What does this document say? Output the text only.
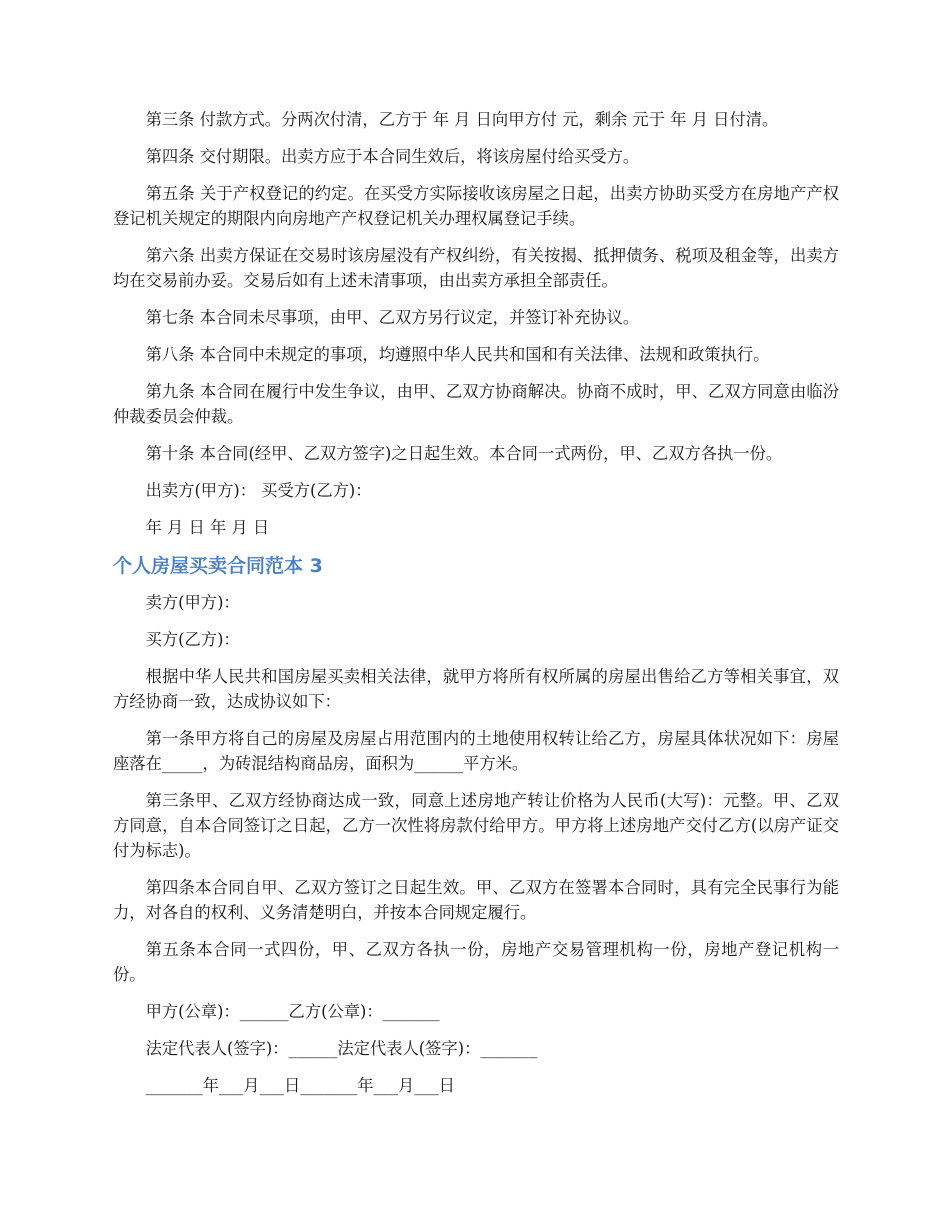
第三条 付款方式。分两次付清，乙方于 年 月 日向甲方付 元，剩余 元于 年 月 日付清。

第四条 交付期限。出卖方应于本合同生效后，将该房屋付给买受方。

第五条 关于产权登记的约定。在买受方实际接收该房屋之日起，出卖方协助买受方在房地产产权登记机关规定的期限内向房地产产权登记机关办理权属登记手续。

第六条 出卖方保证在交易时该房屋没有产权纠纷，有关按揭、抵押债务、税项及租金等，出卖方均在交易前办妥。交易后如有上述未清事项，由出卖方承担全部责任。

第七条 本合同未尽事项，由甲、乙双方另行议定，并签订补充协议。

第八条 本合同中未规定的事项，均遵照中华人民共和国和有关法律、法规和政策执行。

第九条 本合同在履行中发生争议，由甲、乙双方协商解决。协商不成时，甲、乙双方同意由临汾仲裁委员会仲裁。

第十条 本合同(经甲、乙双方签字)之日起生效。本合同一式两份，甲、乙双方各执一份。

出卖方(甲方)： 买受方(乙方)：

年 月 日 年 月 日

个人房屋买卖合同范本 3

卖方(甲方)：

买方(乙方)：

根据中华人民共和国房屋买卖相关法律，就甲方将所有权所属的房屋出售给乙方等相关事宜，双方经协商一致，达成协议如下：

第一条甲方将自己的房屋及房屋占用范围内的土地使用权转让给乙方，房屋具体状况如下：房屋座落在_____，为砖混结构商品房，面积为______平方米。

第三条甲、乙双方经协商达成一致，同意上述房地产转让价格为人民币(大写)：元整。甲、乙双方同意，自本合同签订之日起，乙方一次性将房款付给甲方。甲方将上述房地产交付乙方(以房产证交付为标志)。

第四条本合同自甲、乙双方签订之日起生效。甲、乙双方在签署本合同时，具有完全民事行为能力，对各自的权利、义务清楚明白，并按本合同规定履行。

第五条本合同一式四份，甲、乙双方各执一份，房地产交易管理机构一份，房地产登记机构一份。

甲方(公章)：______乙方(公章)：_______

法定代表人(签字)：______法定代表人(签字)：_______

_______年___月___日_______年___月___日
